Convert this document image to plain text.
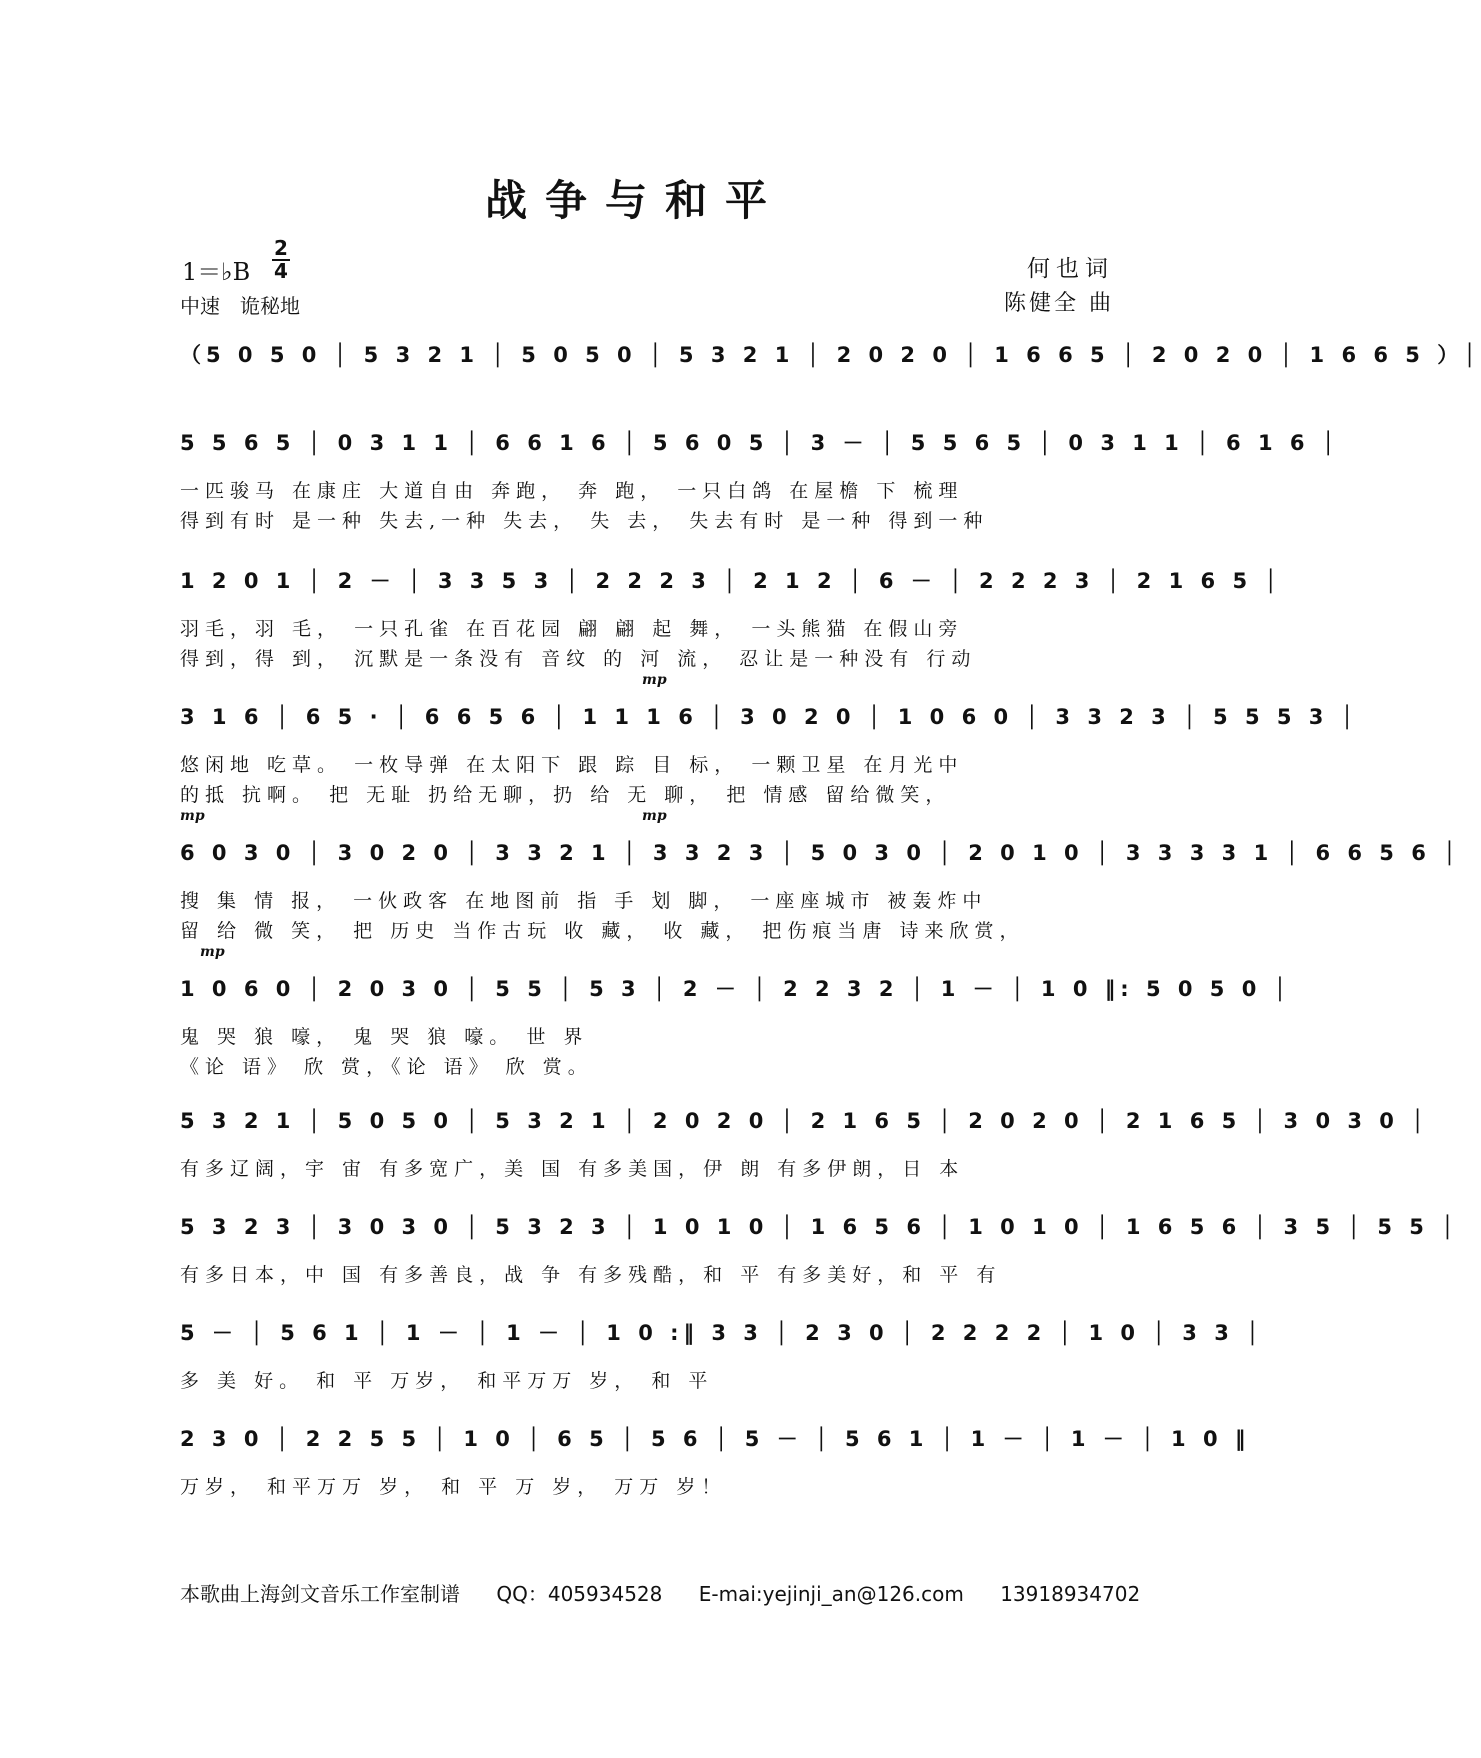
战争与和平
1＝♭B
2
4
中速　诡秘地
何也词
陈健全 曲
（5 0 5 0 │ 5 3 2 1 │ 5 0 5 0 │ 5 3 2 1 │ 2 0 2 0 │ 1 6 6 5 │ 2 0 2 0 │ 1 6 6 5 ）│
5 5 6 5 │ 0 3 1 1 │ 6 6 1 6 │ 5 6 0 5 │ 3 － │ 5 5 6 5 │ 0 3 1 1 │ 6 1 6 │
一匹骏马 在康庄 大道自由 奔跑， 奔 跑， 一只白鸽 在屋檐 下 梳理
得到有时 是一种 失去,一种 失去， 失 去， 失去有时 是一种 得到一种
1 2 0 1 │ 2 － │ 3 3 5 3 │ 2 2 2 3 │ 2 1 2 │ 6 － │ 2 2 2 3 │ 2 1 6 5 │
羽毛，羽 毛， 一只孔雀 在百花园 翩 翩 起 舞， 一头熊猫 在假山旁
得到，得 到， 沉默是一条没有 音纹 的 河 流， 忍让是一种没有 行动
mp
3 1 6 │ 6 5 · │ 6 6 5 6 │ 1 1 1 6 │ 3 0 2 0 │ 1 0 6 0 │ 3 3 2 3 │ 5 5 5 3 │
悠闲地 吃草。 一枚导弹 在太阳下 跟 踪 目 标， 一颗卫星 在月光中
的抵 抗啊。 把 无耻 扔给无聊，扔 给 无 聊， 把 情感 留给微笑，
mp	mp
6 0 3 0 │ 3 0 2 0 │ 3 3 2 1 │ 3 3 2 3 │ 5 0 3 0 │ 2 0 1 0 │ 3 3 3 3 1 │ 6 6 5 6 │
搜 集 情 报， 一伙政客 在地图前 指 手 划 脚， 一座座城市 被轰炸中
留 给 微 笑， 把 历史 当作古玩 收 藏， 收 藏， 把伤痕当唐 诗来欣赏，
mp
1 0 6 0 │ 2 0 3 0 │ 5 5 │ 5 3 │ 2 － │ 2 2 3 2 │ 1 － │ 1 0 ‖: 5 0 5 0 │
鬼 哭 狼 嚎， 鬼 哭 狼 嚎。 世 界
《论 语》 欣 赏，《论 语》 欣 赏。
5 3 2 1 │ 5 0 5 0 │ 5 3 2 1 │ 2 0 2 0 │ 2 1 6 5 │ 2 0 2 0 │ 2 1 6 5 │ 3 0 3 0 │
有多辽阔，宇 宙 有多宽广，美 国 有多美国，伊 朗 有多伊朗，日 本
5 3 2 3 │ 3 0 3 0 │ 5 3 2 3 │ 1 0 1 0 │ 1 6 5 6 │ 1 0 1 0 │ 1 6 5 6 │ 3 5 │ 5 5 │
有多日本，中 国 有多善良，战 争 有多残酷，和 平 有多美好，和 平 有
5 － │ 5 6 1 │ 1 － │ 1 － │ 1 0 :‖ 3 3 │ 2 3 0 │ 2 2 2 2 │ 1 0 │ 3 3 │
多 美 好。 和 平 万岁， 和平万万 岁， 和 平
2 3 0 │ 2 2 5 5 │ 1 0 │ 6 5 │ 5 6 │ 5 － │ 5 6 1 │ 1 － │ 1 － │ 1 0 ‖
万岁， 和平万万 岁， 和 平 万 岁， 万万 岁！
本歌曲上海剑文音乐工作室制谱 QQ：405934528 E-mai:yejinji_an@126.com 13918934702
